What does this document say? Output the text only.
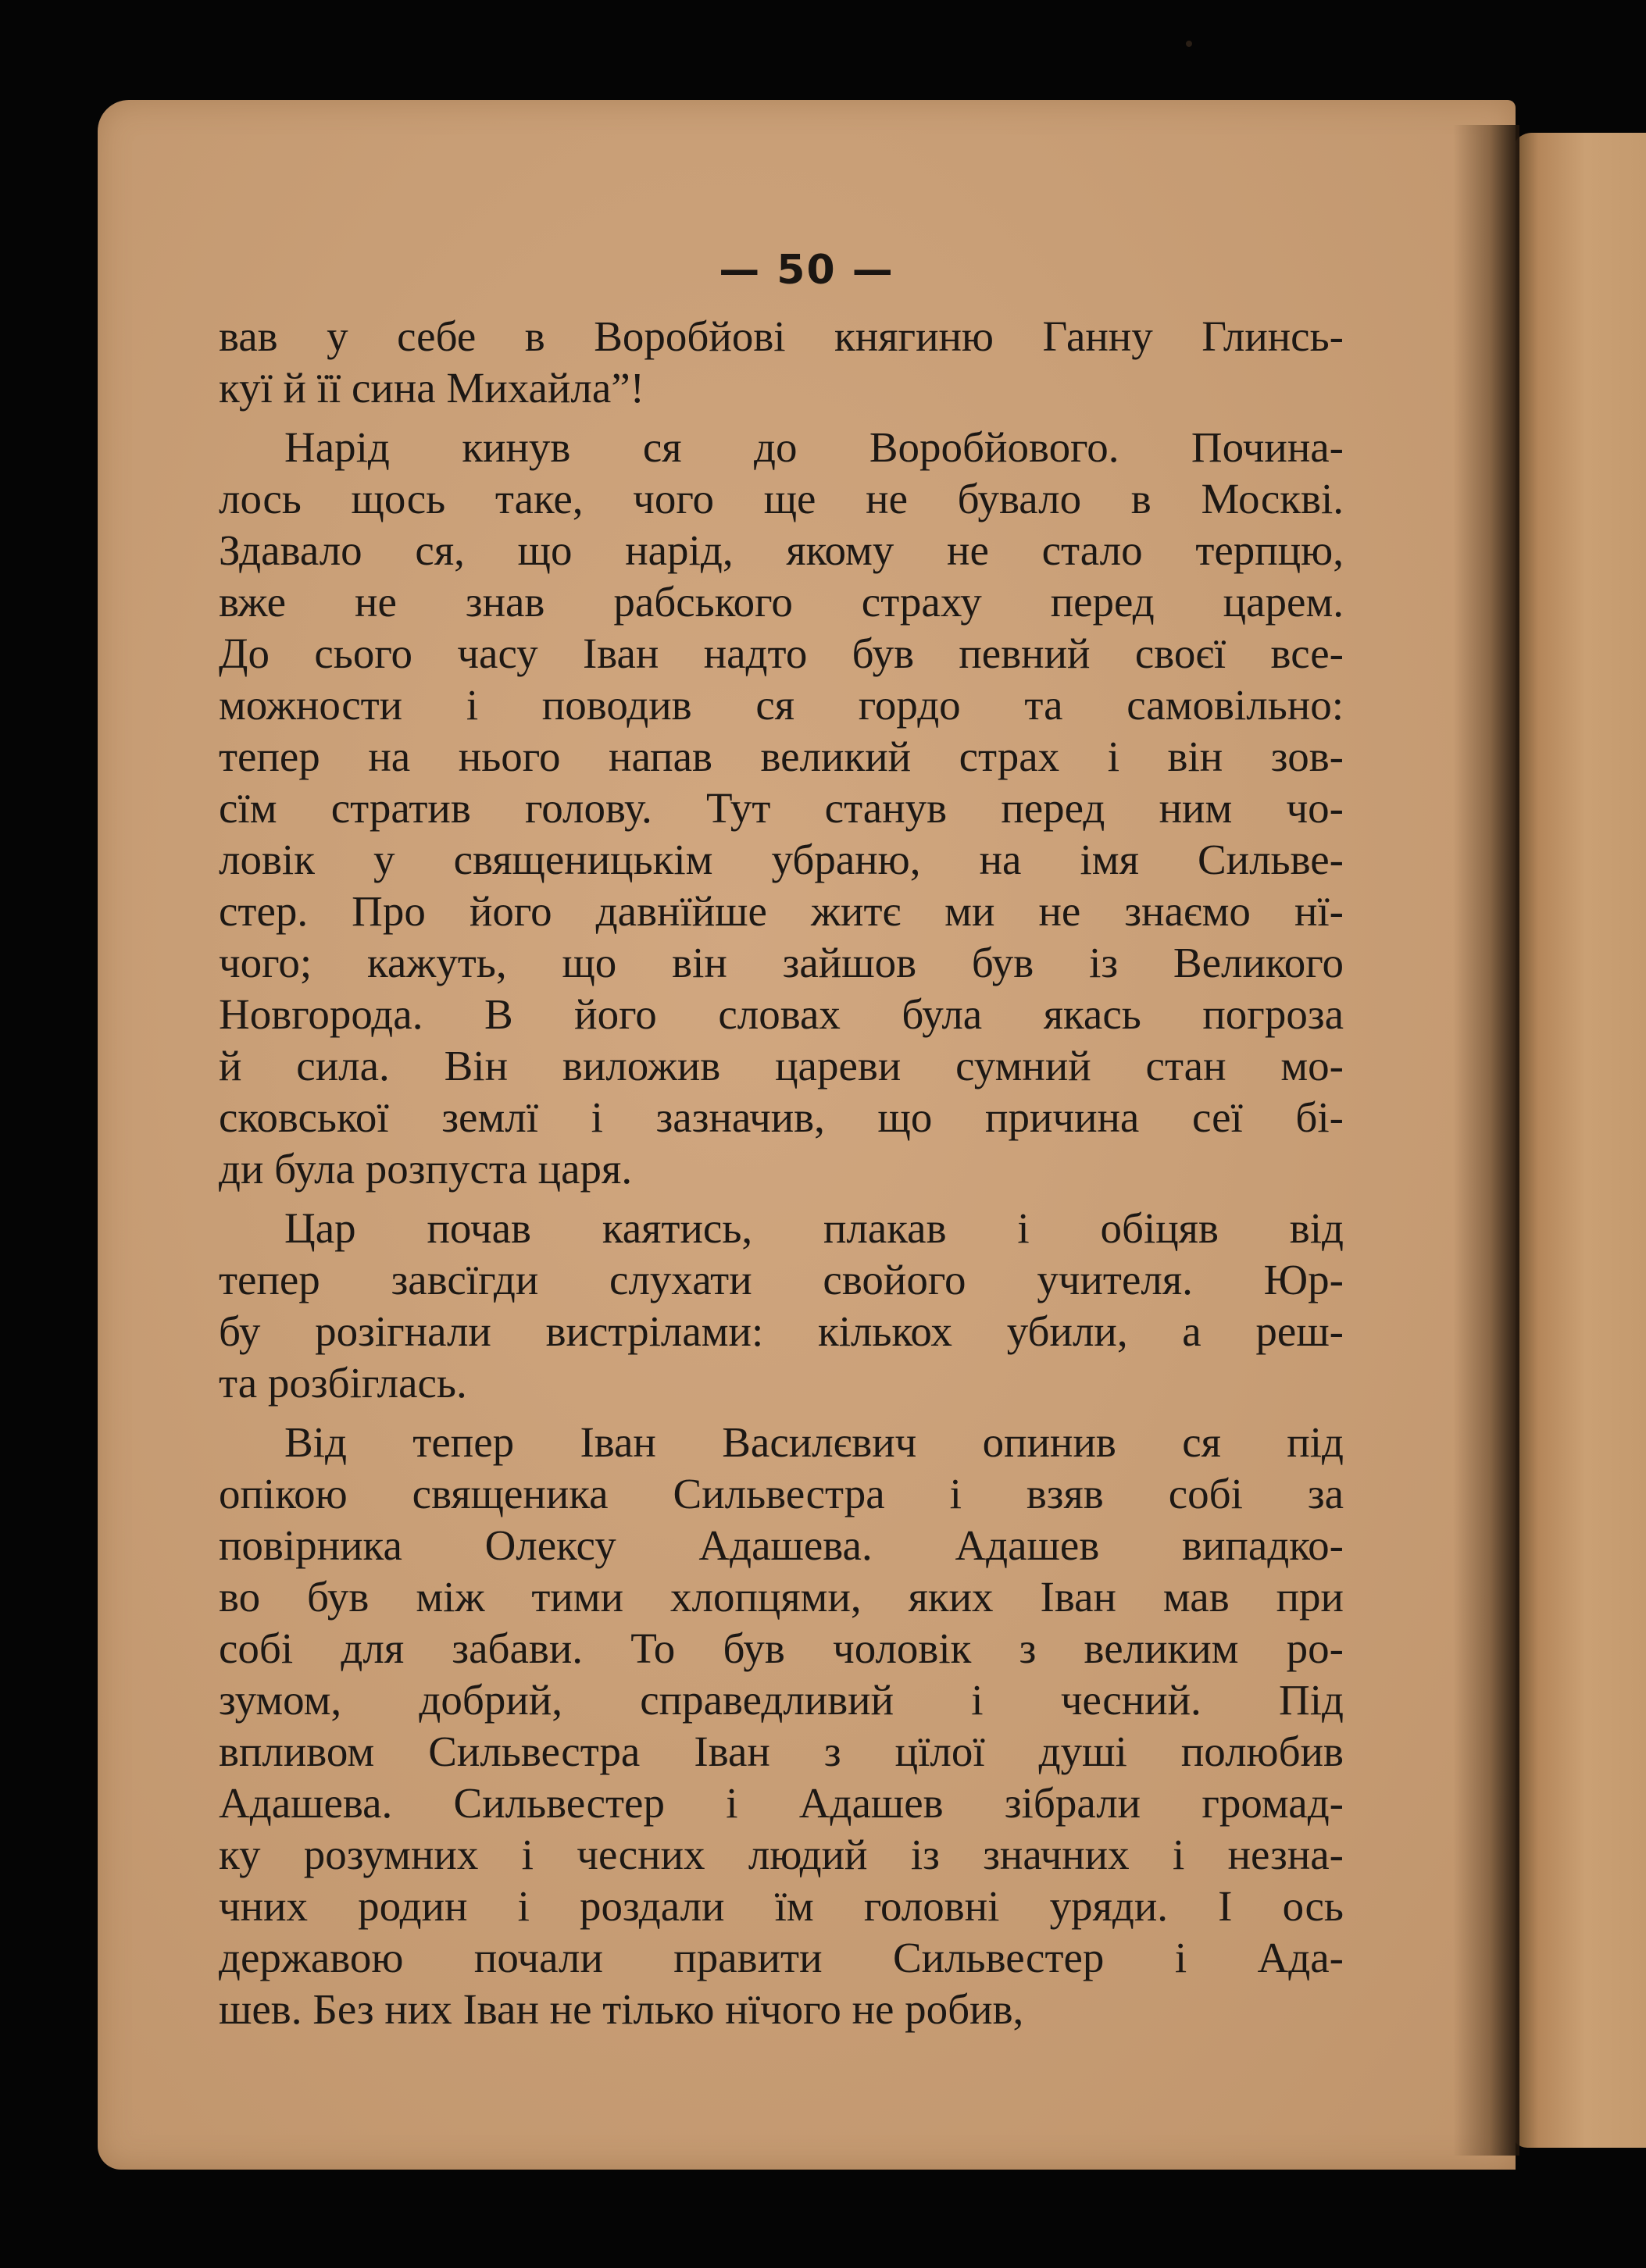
— 50 —
вав у себе в Воробйові княгиню Ганну Глинсь-
куї й її сина Михайла”!
Нарід кинув ся до Воробйового. Почина-
лось щось таке, чого ще не бувало в Москві.
Здавало ся, що нарід, якому не стало терпцю,
вже не знав рабського страху перед царем.
До сього часу Іван надто був певний своєї все-
можности і поводив ся гордо та самовільно:
тепер на нього напав великий страх і він зов-
сїм стратив голову. Тут станув перед ним чо-
ловік у священицькім убраню, на імя Сильве-
стер. Про його давнїйше житє ми не знаємо нї-
чого; кажуть, що він зайшов був із Великого
Новгорода. В його словах була якась погроза
й сила. Він виложив цареви сумний стан мо-
сковської землї і зазначив, що причина сеї бі-
ди була розпуста царя.
Цар почав каятись, плакав і обіцяв від
тепер завсїгди слухати свойого учителя. Юр-
бу розігнали вистрілами: кількох убили, а реш-
та розбіглась.
Від тепер Іван Василєвич опинив ся під
опікою священика Сильвестра і взяв собі за
повірника Олексу Адашева. Адашев випадко-
во був між тими хлопцями, яких Іван мав при
собі для забави. То був чоловік з великим ро-
зумом, добрий, справедливий і чесний. Під
впливом Сильвестра Іван з цїлої душі полюбив
Адашева. Сильвестер і Адашев зібрали громад-
ку розумних і чесних людий із значних і незна-
чних родин і роздали їм головні уряди. І ось
державою почали правити Сильвестер і Ада-
шев. Без них Іван не тілько нїчого не робив,
